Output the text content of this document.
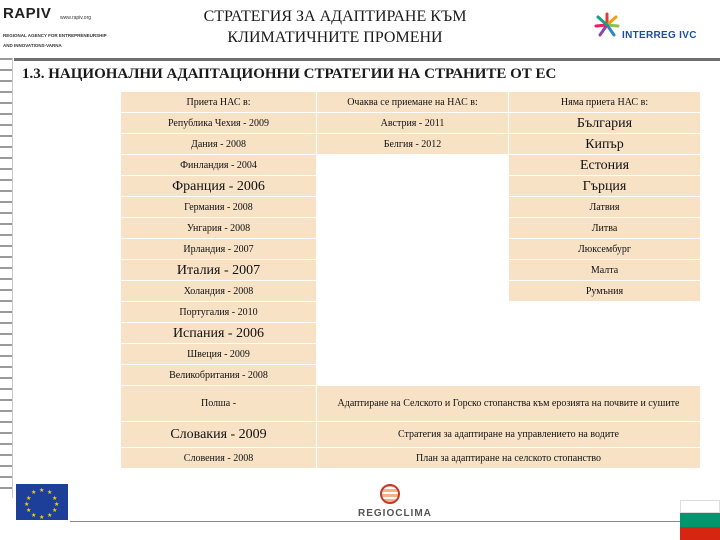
RAPIV www.rapiv.org
REGIONAL AGENCY FOR ENTREPRENEURSHIP
AND INNOVATIONS-VARNA
СТРАТЕГИЯ ЗА АДАПТИРАНЕ КЪМ
КЛИМАТИЧНИТЕ ПРОМЕНИ	INTERREG IVC
1.3. НАЦИОНАЛНИ АДАПТАЦИОННИ СТРАТЕГИИ НА СТРАНИТЕ ОТ ЕС
Приета НАС в:	Очаква се приемане на НАС в:	Няма приета НАС в:
Република Чехия - 2009	Австрия - 2011	България
Дания - 2008	Белгия - 2012	Кипър
Финландия - 2004		Естония
Франция - 2006		Гърция
Германия - 2008		Латвия
Унгария - 2008		Литва
Ирландия - 2007		Люксембург
Италия - 2007		Малта
Холандия - 2008		Румъния
Португалия - 2010		
Испания - 2006		
Швеция - 2009		
Великобритания - 2008		
Полша -	Адаптиране на Селското и Горско стопанства към ерозията на почвите и сушите	
Словакия - 2009	Стратегия за адаптиране на управлението на водите	
Словения - 2008	План за адаптиране на селското стопанство	
★ ★
★
★
★
★
★
★
★
★
★
★
REGIOCLIMA
